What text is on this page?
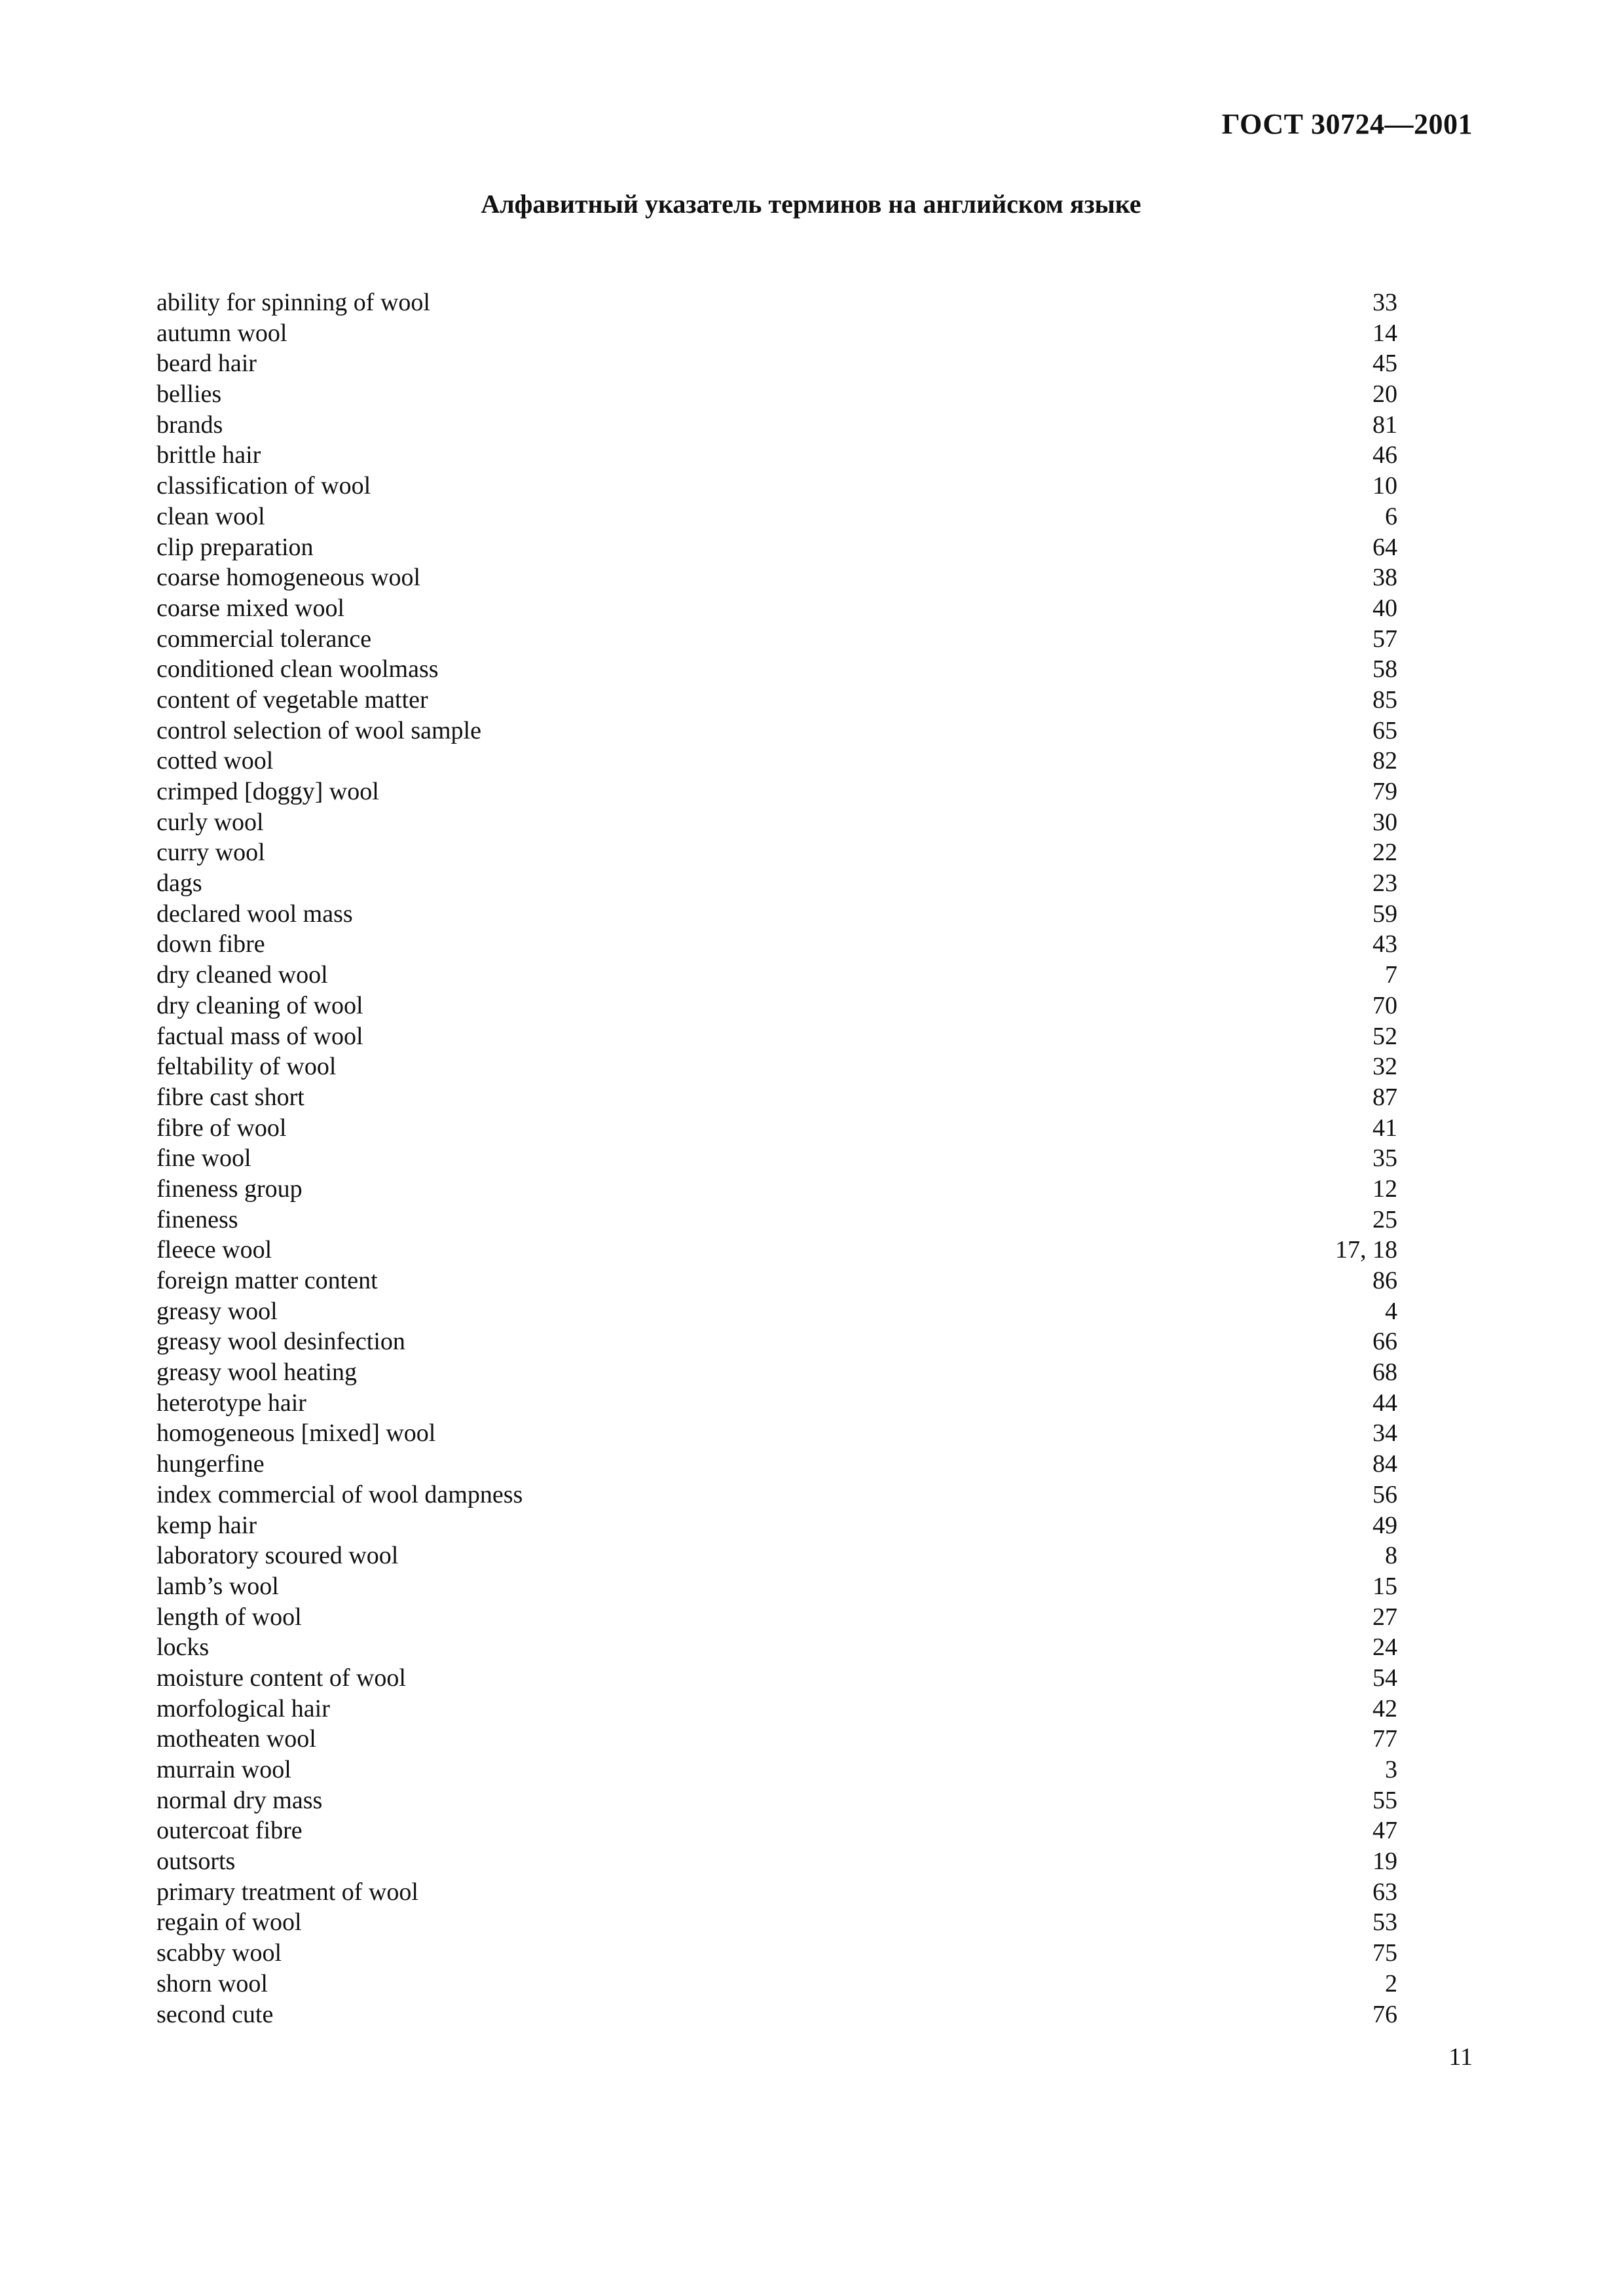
ГОСТ 30724—2001
Алфавитный указатель терминов на английском языке
ability for spinning of wool	33
autumn wool	14
beard hair	45
bellies	20
brands	81
brittle hair	46
classification of wool	10
clean wool	6
clip preparation	64
coarse homogeneous wool	38
coarse mixed wool	40
commercial tolerance	57
conditioned clean woolmass	58
content of vegetable matter	85
control selection of wool sample	65
cotted wool	82
crimped [doggy] wool	79
curly wool	30
curry wool	22
dags	23
declared wool mass	59
down fibre	43
dry cleaned wool	7
dry cleaning of wool	70
factual mass of wool	52
feltability of wool	32
fibre cast short	87
fibre of wool	41
fine wool	35
fineness group	12
fineness	25
fleece wool	17, 18
foreign matter content	86
greasy wool	4
greasy wool desinfection	66
greasy wool heating	68
heterotype hair	44
homogeneous [mixed] wool	34
hungerfine	84
index commercial of wool dampness	56
kemp hair	49
laboratory scoured wool	8
lamb’s wool	15
length of wool	27
locks	24
moisture content of wool	54
morfological hair	42
motheaten wool	77
murrain wool	3
normal dry mass	55
outercoat fibre	47
outsorts	19
primary treatment of wool	63
regain of wool	53
scabby wool	75
shorn wool	2
second cute	76
11
